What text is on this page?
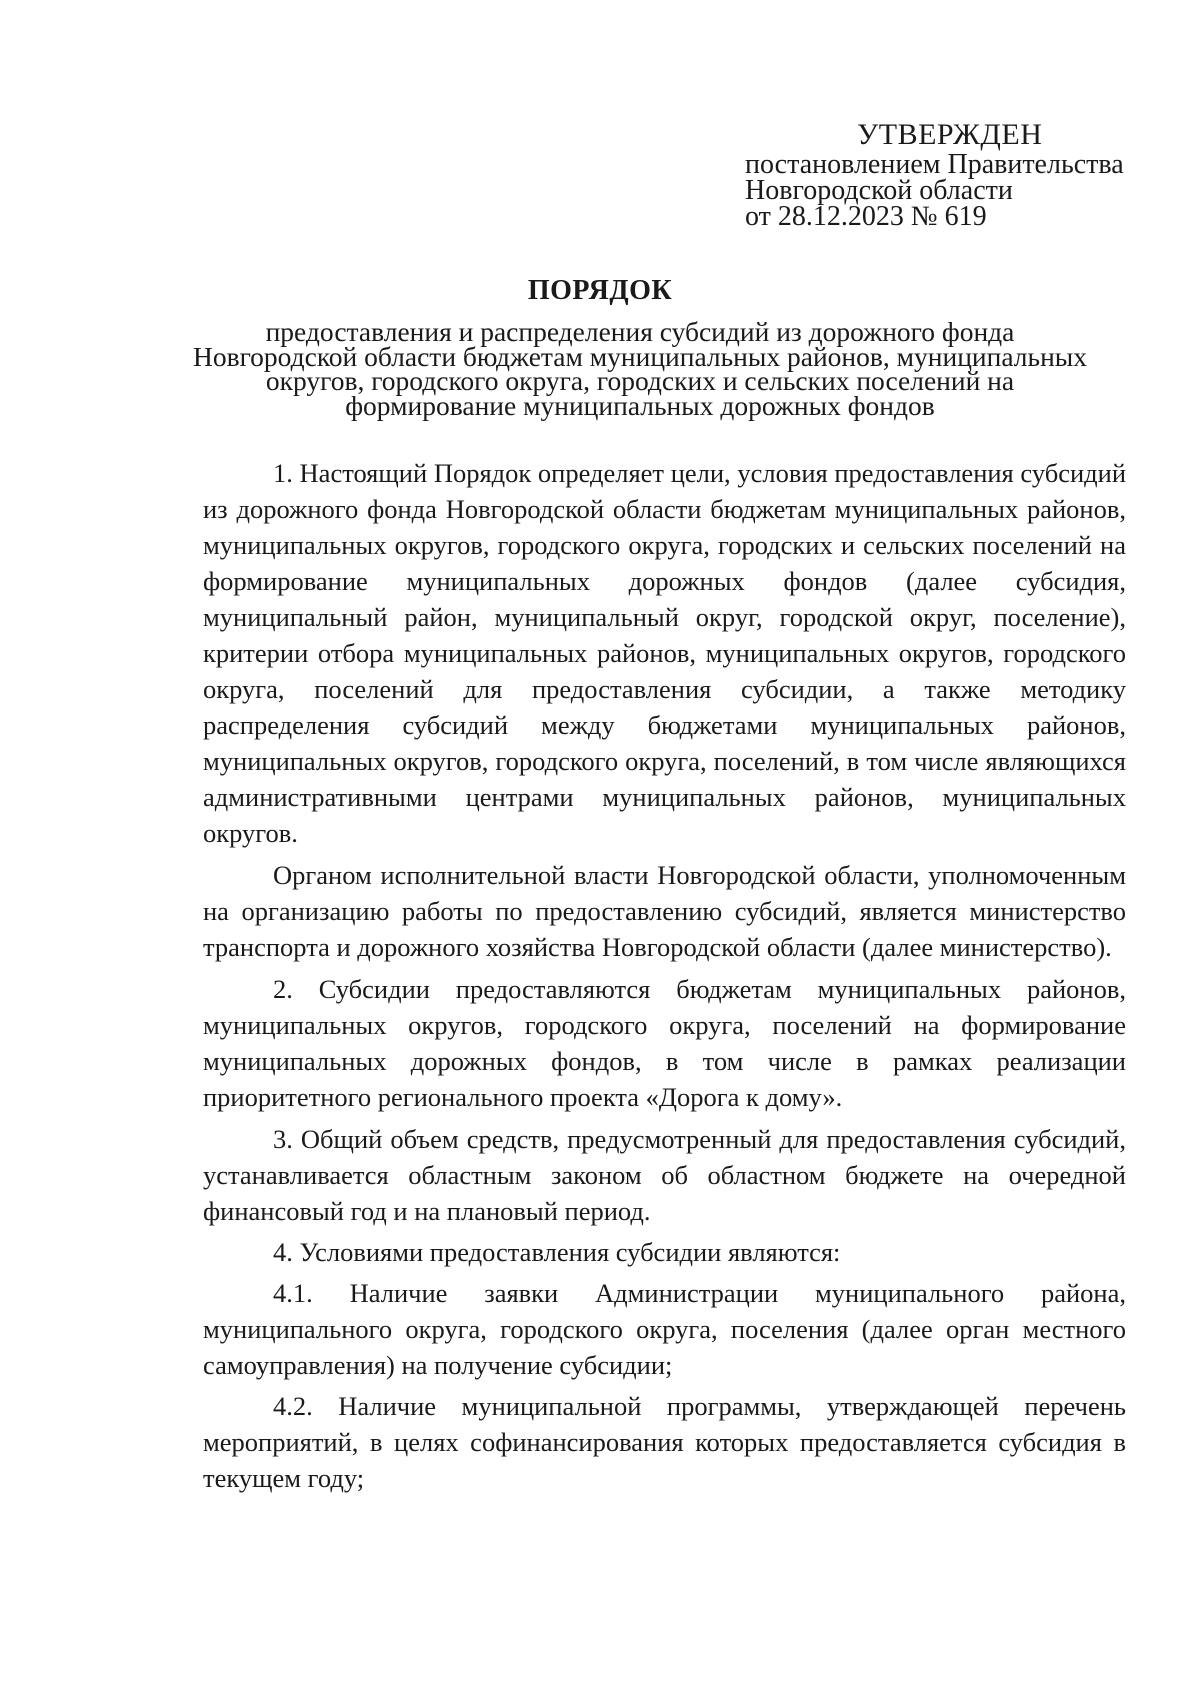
УТВЕРЖДЕН

постановлением Правительства

Новгородской области

от 28.12.2023 № 619

ПОРЯДОК
предоставления и распределения субсидий из дорожного фонда
Новгородской области бюджетам муниципальных районов, муниципальных
округов, городского округа, городских и сельских поселений на
формирование муниципальных дорожных фондов

1. Настоящий Порядок определяет цели, условия предоставления субсидий из дорожного фонда Новгородской области бюджетам муниципальных районов, муниципальных округов, городского округа, городских и сельских поселений на формирование муниципальных дорожных фондов (далее субсидия, муниципальный район, муниципальный округ, городской округ, поселение), критерии отбора муниципальных районов, муниципальных округов, городского округа, поселений для предоставления субсидии, а также методику распределения субсидий между бюджетами муниципальных районов, муниципальных округов, городского округа, поселений, в том числе являющихся административными центрами муниципальных районов, муниципальных округов.

Органом исполнительной власти Новгородской области, уполномоченным на организацию работы по предоставлению субсидий, является министерство транспорта и дорожного хозяйства Новгородской области (далее министерство).

2. Субсидии предоставляются бюджетам муниципальных районов, муниципальных округов, городского округа, поселений на формирование муниципальных дорожных фондов, в том числе в рамках реализации приоритетного регионального проекта «Дорога к дому».

3. Общий объем средств, предусмотренный для предоставления субсидий, устанавливается областным законом об областном бюджете на очередной финансовый год и на плановый период.

4. Условиями предоставления субсидии являются:

4.1. Наличие заявки Администрации муниципального района, муниципального округа, городского округа, поселения (далее орган местного самоуправления) на получение субсидии;

4.2. Наличие муниципальной программы, утверждающей перечень мероприятий, в целях софинансирования которых предоставляется субсидия в текущем году;
